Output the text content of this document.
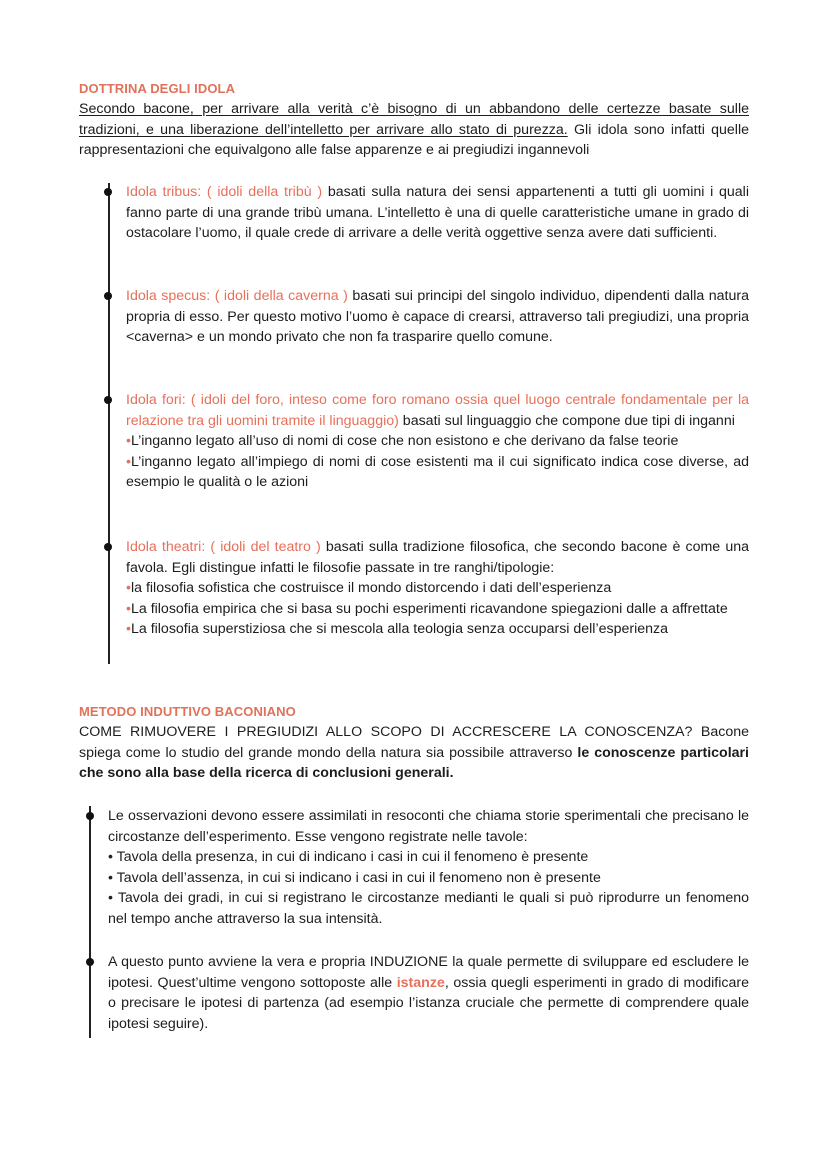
DOTTRINA DEGLI IDOLA
Secondo bacone, per arrivare alla verità c’è bisogno di un abbandono delle certezze basate sulle tradizioni, e una liberazione dell’intelletto per arrivare allo stato di purezza. Gli idola sono infatti quelle rappresentazioni che equivalgono alle false apparenze e ai pregiudizi ingannevoli
Idola tribus: ( idoli della tribù ) basati sulla natura dei sensi appartenenti a tutti gli uomini i quali fanno parte di una grande tribù umana. L’intelletto è una di quelle caratteristiche umane in grado di ostacolare l’uomo, il quale crede di arrivare a delle verità oggettive senza avere dati sufficienti.
Idola specus: ( idoli della caverna ) basati sui principi del singolo individuo, dipendenti dalla natura propria di esso. Per questo motivo l’uomo è capace di crearsi, attraverso tali pregiudizi, una propria <caverna> e un mondo privato che non fa trasparire quello comune.
Idola fori: ( idoli del foro, inteso come foro romano ossia quel luogo centrale fondamentale per la relazione tra gli uomini tramite il linguaggio) basati sul linguaggio che compone due tipi di inganni
•L’inganno legato all’uso di nomi di cose che non esistono e che derivano da false teorie
•L’inganno legato all’impiego di nomi di cose esistenti ma il cui significato indica cose diverse, ad esempio le qualità o le azioni
Idola theatri: ( idoli del teatro ) basati sulla tradizione filosofica, che secondo bacone è come una favola. Egli distingue infatti le filosofie passate in tre ranghi/tipologie:
•la filosofia sofistica che costruisce il mondo distorcendo i dati dell’esperienza
•La filosofia empirica che si basa su pochi esperimenti ricavandone spiegazioni dalle a affrettate
•La filosofia superstiziosa che si mescola alla teologia senza occuparsi dell’esperienza
METODO INDUTTIVO BACONIANO
COME RIMUOVERE I PREGIUDIZI ALLO SCOPO DI ACCRESCERE LA CONOSCENZA? Bacone spiega come lo studio del grande mondo della natura sia possibile attraverso le conoscenze particolari che sono alla base della ricerca di conclusioni generali.
Le osservazioni devono essere assimilati in resoconti che chiama storie sperimentali che precisano le circostanze dell’esperimento. Esse vengono registrate nelle tavole:
• Tavola della presenza, in cui di indicano i casi in cui il fenomeno è presente
• Tavola dell’assenza, in cui si indicano i casi in cui il fenomeno non è presente
• Tavola dei gradi, in cui si registrano le circostanze medianti le quali si può riprodurre un fenomeno nel tempo anche attraverso la sua intensità.
A questo punto avviene la vera e propria INDUZIONE la quale permette di sviluppare ed escludere le ipotesi. Quest’ultime vengono sottoposte alle istanze, ossia quegli esperimenti in grado di modificare o precisare le ipotesi di partenza (ad esempio l’istanza cruciale che permette di comprendere quale ipotesi seguire).
